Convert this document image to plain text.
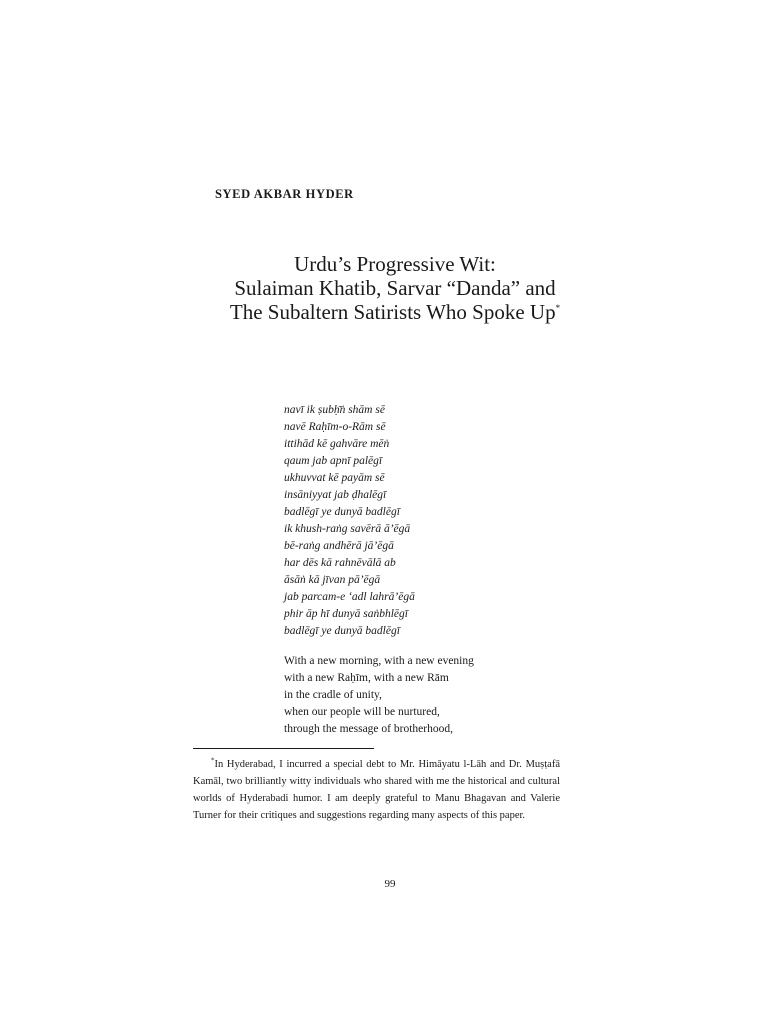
SYED AKBAR HYDER

Urdu’s Progressive Wit:
Sulaiman Khatib, Sarvar “Danda” and
The Subaltern Satirists Who Spoke Up*
navī ik ṣubḥ̄ṅ shām sē
navē Raḥīm-o-Rām sē
ittihād kē gahvāre mēṅ
qaum jab apnī palēgī
ukhuvvat kē payām sē
insāniyyat jab ḍhalēgī
badlēgī ye dunyā badlēgī
ik khush-raṅg savērā ā’ēgā
bē-raṅg andhērā jā’ēgā
har dēs kā rahnēvālā ab
āsāṅ kā jīvan pā’ēgā
jab parcam-e ‘adl lahrā’ēgā
phir āp hī dunyā saṅbhlēgī
badlēgī ye dunyā badlēgī
With a new morning, with a new evening
with a new Raḥīm, with a new Rām
in the cradle of unity,
when our people will be nurtured,
through the message of brotherhood,

*In Hyderabad, I incurred a special debt to Mr. Himāyatu l-Lāh and Dr. Muṣṭafā Kamāl, two brilliantly witty individuals who shared with me the historical and cultural worlds of Hyderabadi humor. I am deeply grateful to Manu Bhagavan and Valerie Turner for their critiques and suggestions regarding many aspects of this paper.

99
